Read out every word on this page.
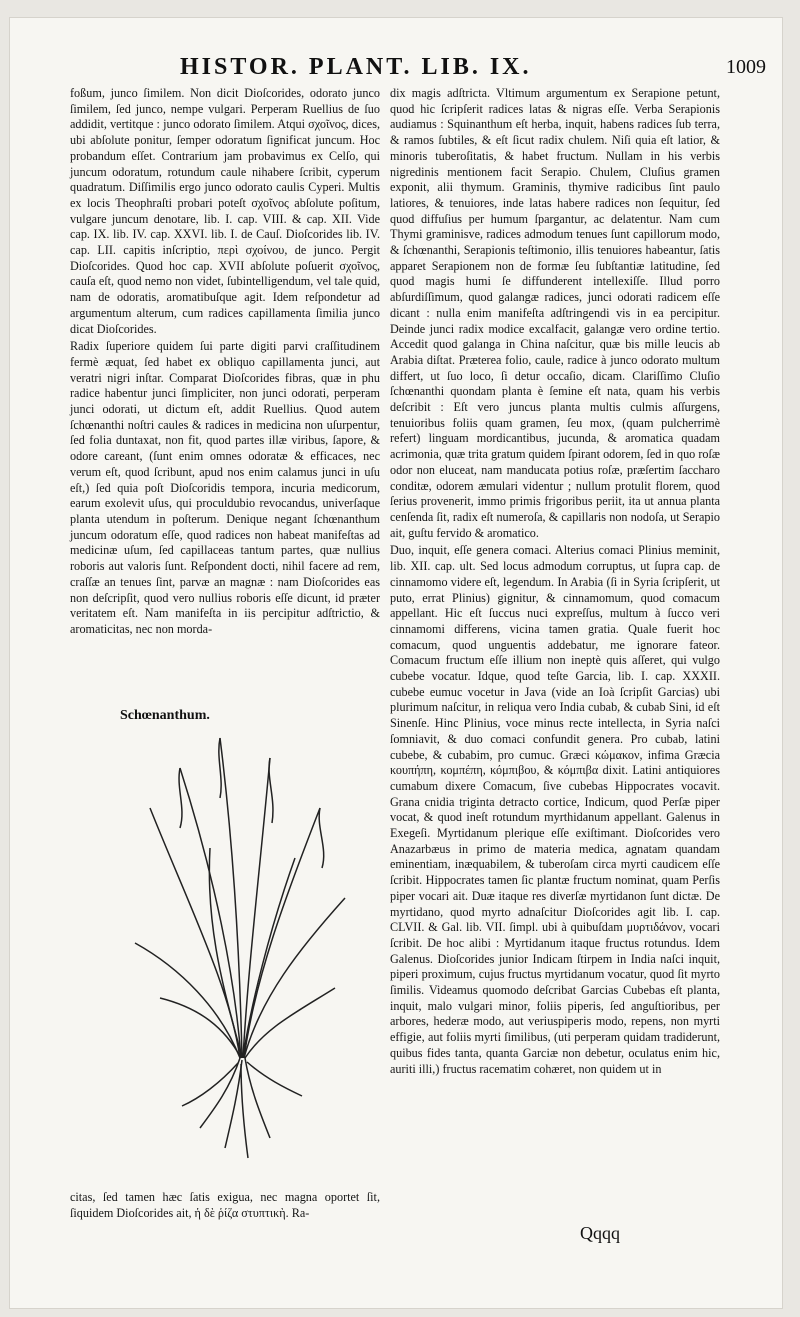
HISTOR. PLANT. LIB. IX.	1009

foßum, junco ſimilem. Non dicit Dioſcorides, odorato junco ſimilem, ſed junco, nempe vulgari. Perperam Ruellius de ſuo addidit, vertitque : junco odorato ſimilem. Atqui σχοῖνος, dices, ubi abſolute ponitur, ſemper odoratum ſignificat juncum. Hoc probandum eſſet. Contrarium jam probavimus ex Celſo, qui juncum odoratum, rotundum caule nihabere ſcribit, cyperum quadratum. Diſſimilis ergo junco odorato caulis Cyperi. Multis ex locis Theophraſti probari poteſt σχοῖνος abſolute poſitum, vulgare juncum denotare, lib. I. cap. VIII. & cap. XII. Vide cap. IX. lib. IV. cap. XXVI. lib. I. de Cauſ. Dioſcorides lib. IV. cap. LII. capitis inſcriptio, περὶ σχοίνου, de junco. Pergit Dioſcorides. Quod hoc cap. XVII abſolute poſuerit σχοῖνος, cauſa eſt, quod nemo non videt, ſubintelligendum, vel tale quid, nam de odoratis, aromatibuſque agit. Idem reſpondetur ad argumentum alterum, cum radices capillamenta ſimilia junco dicat Dioſcorides.

Radix ſuperiore quidem ſui parte digiti parvi craſſitudinem fermè æquat, ſed habet ex obliquo capillamenta junci, aut veratri nigri inſtar. Comparat Dioſcorides fibras, quæ in phu radice habentur junci ſimpliciter, non junci odorati, perperam junci odorati, ut dictum eſt, addit Ruellius. Quod autem ſchœnanthi noſtri caules & radices in medicina non uſurpentur, ſed folia duntaxat, non fit, quod partes illæ viribus, ſapore, & odore careant, (ſunt enim omnes odoratæ & efficaces, nec verum eſt, quod ſcribunt, apud nos enim calamus junci in uſu eſt,) ſed quia poſt Dioſcoridis tempora, incuria medicorum, earum exolevit uſus, qui proculdubio revocandus, univerſaque planta utendum in poſterum. Denique negant ſchœnanthum juncum odoratum eſſe, quod radices non habeat manifeſtas ad medicinæ uſum, ſed capillaceas tantum partes, quæ nullius roboris aut valoris ſunt. Reſpondent docti, nihil facere ad rem, craſſæ an tenues ſint, parvæ an magnæ : nam Dioſcorides eas non deſcripſit, quod vero nullius roboris eſſe dicunt, id præter veritatem eſt. Nam manifeſta in iis percipitur adſtrictio, & aromaticitas, nec non morda-

Schœnanthum.
citas, ſed tamen hæc ſatis exigua, nec magna oportet ſit, ſiquidem Dioſcorides ait, ἡ δὲ ῥίζα στυπτικὴ. Ra-

dix magis adſtricta. Vltimum argumentum ex Serapione petunt, quod hic ſcripſerit radices latas & nigras eſſe. Verba Serapionis audiamus : Squinanthum eſt herba, inquit, habens radices ſub terra, & ramos ſubtiles, & eſt ſicut radix chulem. Niſi quia eſt latior, & minoris tuberoſitatis, & habet fructum. Nullam in his verbis nigredinis mentionem facit Serapio. Chulem, Cluſius gramen exponit, alii thymum. Graminis, thymive radicibus ſint paulo latiores, & tenuiores, inde latas habere radices non ſequitur, ſed quod diffuſius per humum ſpargantur, ac delatentur. Nam cum Thymi graminisve, radices admodum tenues ſunt capillorum modo, & ſchœnanthi, Serapionis teſtimonio, illis tenuiores habeantur, ſatis apparet Serapionem non de formæ ſeu ſubſtantiæ latitudine, ſed quod magis humi ſe diffunderent intellexiſſe. Illud porro abſurdiſſimum, quod galangæ radices, junci odorati radicem eſſe dicant : nulla enim manifeſta adſtringendi vis in ea percipitur. Deinde junci radix modice excalfacit, galangæ vero ordine tertio. Accedit quod galanga in China naſcitur, quæ bis mille leucis ab Arabia diſtat. Præterea folio, caule, radice à junco odorato multum differt, ut ſuo loco, ſi detur occaſio, dicam. Clariſſimo Cluſio ſchœnanthi quondam planta è ſemine eſt nata, quam his verbis deſcribit : Eſt vero juncus planta multis culmis aſſurgens, tenuioribus foliis quam gramen, ſeu mox, (quam pulcherrimè refert) linguam mordicantibus, jucunda, & aromatica quadam acrimonia, quæ trita gratum quidem ſpirant odorem, ſed in quo roſæ odor non eluceat, nam manducata potius roſæ, præſertim ſaccharo conditæ, odorem æmulari videntur ; nullum protulit florem, quod ſerius provenerit, immo primis frigoribus periit, ita ut annua planta cenſenda ſit, radix eſt numeroſa, & capillaris non nodoſa, ut Serapio ait, guſtu fervido & aromatico.

Duo, inquit, eſſe genera comaci. Alterius comaci Plinius meminit, lib. XII. cap. ult. Sed locus admodum corruptus, ut ſupra cap. de cinnamomo videre eſt, legendum. In Arabia (ſi in Syria ſcripſerit, ut puto, errat Plinius) gignitur, & cinnamomum, quod comacum appellant. Hic eſt ſuccus nuci expreſſus, multum à ſucco veri cinnamomi differens, vicina tamen gratia. Quale fuerit hoc comacum, quod unguentis addebatur, me ignorare fateor. Comacum fructum eſſe illium non ineptè quis aſſeret, qui vulgo cubebe vocatur. Idque, quod teſte Garcia, lib. I. cap. XXXII. cubebe eumuc vocetur in Java (vide an Ioà ſcripſit Garcias) ubi plurimum naſcitur, in reliqua vero India cubab, & cubab Sini, id eſt Sinenſe. Hinc Plinius, voce minus recte intellecta, in Syria naſci ſomniavit, & duo comaci confundit genera. Pro cubab, latini cubebe, & cubabim, pro cumuc. Græci κώμακον, infima Græcia κουπήπη, κομπέπη, κόμπιβου, & κόμπιβα dixit. Latini antiquiores cumabum dixere Comacum, ſive cubebas Hippocrates vocavit. Grana cnidia triginta detracto cortice, Indicum, quod Perſæ piper vocat, & quod ineſt rotundum myrthidanum appellant. Galenus in Exegeſi. Myrtidanum plerique eſſe exiſtimant. Dioſcorides vero Anazarbæus in primo de materia medica, agnatam quandam eminentiam, inæquabilem, & tuberoſam circa myrti caudicem eſſe ſcribit. Hippocrates tamen ſic plantæ fructum nominat, quam Perſis piper vocari ait. Duæ itaque res diverſæ myrtidanon ſunt dictæ. De myrtidano, quod myrto adnaſcitur Dioſcorides agit lib. I. cap. CLVII. & Gal. lib. VII. ſimpl. ubi à quibuſdam μυρτιδάνον, vocari ſcribit. De hoc alibi : Myrtidanum itaque fructus rotundus. Idem Galenus. Dioſcorides junior Indicam ſtirpem in India naſci inquit, piperi proximum, cujus fructus myrtidanum vocatur, quod ſit myrto ſimilis. Videamus quomodo deſcribat Garcias Cubebas eſt planta, inquit, malo vulgari minor, foliis piperis, ſed anguſtioribus, per arbores, hederæ modo, aut veriuspiperis modo, repens, non myrti effigie, aut foliis myrti ſimilibus, (uti perperam quidam tradiderunt, quibus fides tanta, quanta Garciæ non debetur, oculatus enim hic, auriti illi,) fructus racematim cohæret, non quidem ut in

Qqqq
